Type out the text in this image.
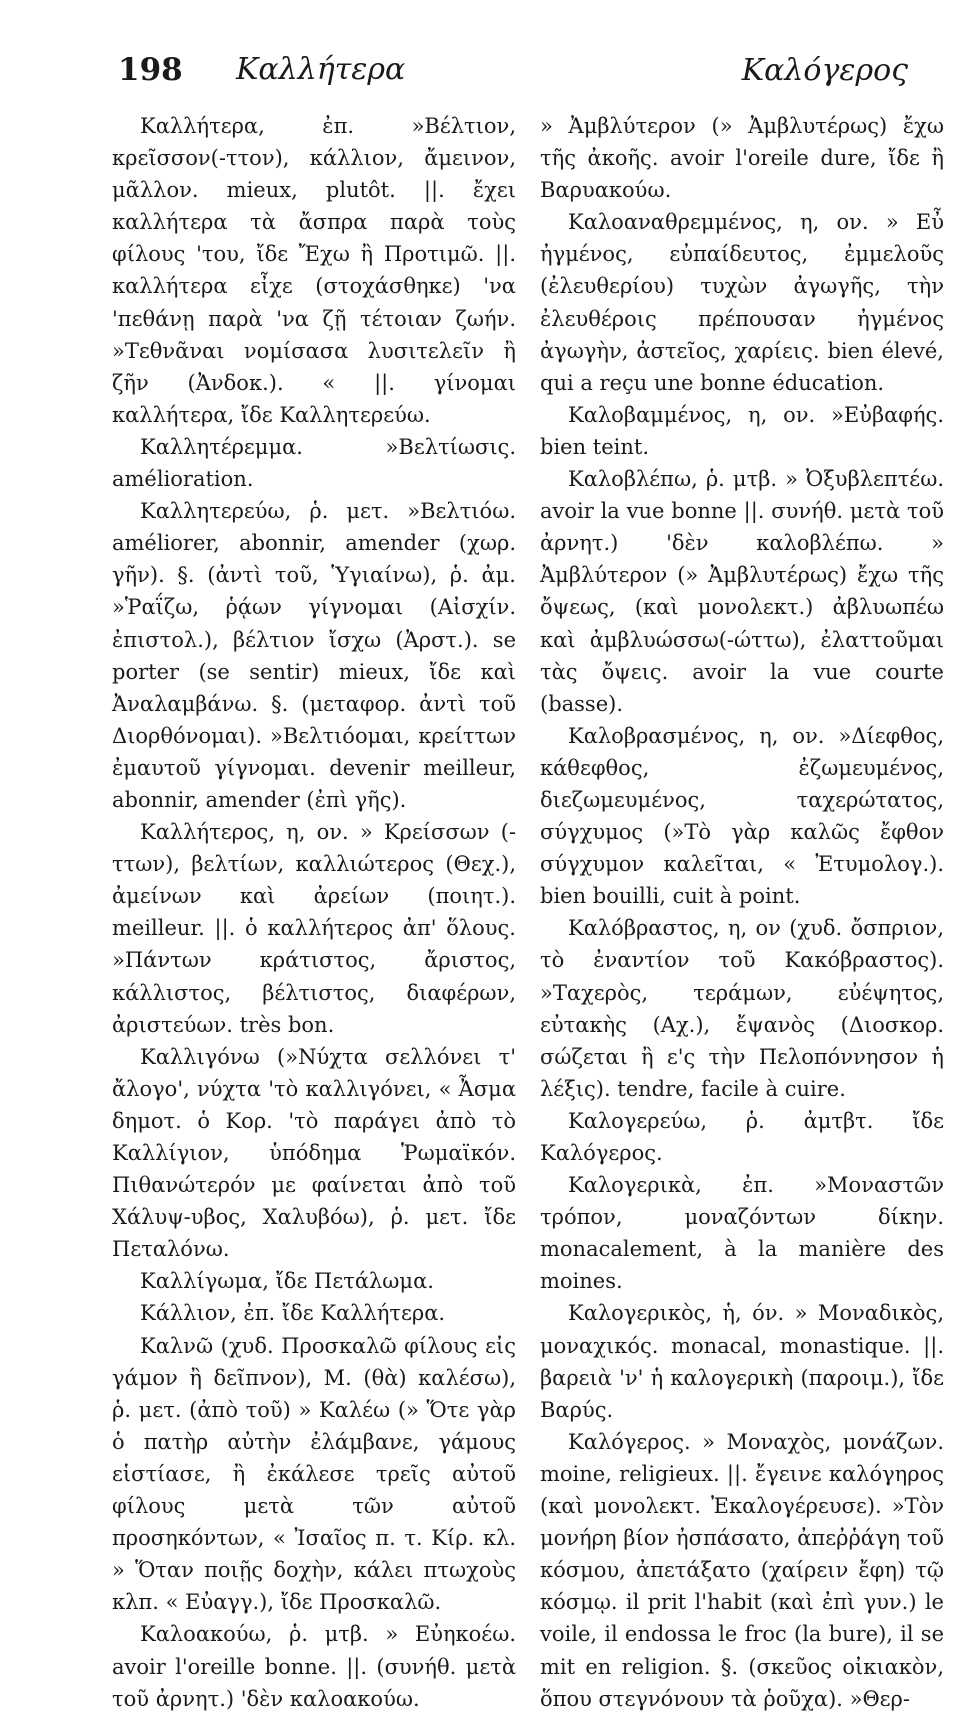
198 Καλλήτερα	Καλόγερος

Καλλήτερα, ἐπ. »Βέλτιον, κρεῖσσον(-ττον), κάλλιον, ἄμεινον, μᾶλλον. mieux, plutôt. ||. ἔχει καλλήτερα τὰ ἄσπρα παρὰ τοὺς φίλους 'του, ἴδε Ἔχω ἢ Προτιμῶ. ||. καλλήτερα εἶχε (στοχάσθηκε) 'να 'πεθάνῃ παρὰ 'να ζῇ τέτοιαν ζωήν. »Τεθνᾶναι νομίσασα λυσιτελεῖν ἢ ζῆν (Ἀνδοκ.). « ||. γίνομαι καλλήτερα, ἴδε Καλλητερεύω.

Καλλητέρεμμα. »Βελτίωσις. amélioration.

Καλλητερεύω, ῥ. μετ. »Βελτιόω. améliorer, abonnir, amender (χωρ. γῆν). §. (ἀντὶ τοῦ, Ὑγιαίνω), ῥ. ἀμ. »Ῥαΐζω, ῥᾴων γίγνομαι (Αἰσχίν. ἐπιστολ.), βέλτιον ἴσχω (Ἀρστ.). se porter (se sentir) mieux, ἴδε καὶ Ἀναλαμβάνω. §. (μεταφορ. ἀντὶ τοῦ Διορθόνομαι). »Βελτιόομαι, κρείττων ἐμαυτοῦ γίγνομαι. devenir meilleur, abonnir, amender (ἐπὶ γῆς).

Καλλήτερος, η, ον. » Κρείσσων (-ττων), βελτίων, καλλιώτερος (Θεχ.), ἀμείνων καὶ ἀρείων (ποιητ.). meilleur. ||. ὁ καλλήτερος ἀπ' ὅλους. »Πάντων κράτιστος, ἄριστος, κάλλιστος, βέλτιστος, διαφέρων, ἀριστεύων. très bon.

Καλλιγόνω (»Νύχτα σελλόνει τ' ἄλογο', νύχτα 'τὸ καλλιγόνει, « Ἆσμα δημοτ. ὁ Κορ. 'τὸ παράγει ἀπὸ τὸ Καλλίγιον, ὑπόδημα Ῥωμαϊκόν. Πιθανώτερόν με φαίνεται ἀπὸ τοῦ Χάλυψ-υβος, Χαλυβόω), ῥ. μετ. ἴδε Πεταλόνω.

Καλλίγωμα, ἴδε Πετάλωμα.

Κάλλιον, ἐπ. ἴδε Καλλήτερα.

Καλνῶ (χυδ. Προσκαλῶ φίλους εἰς γάμον ἢ δεῖπνον), Μ. (θὰ) καλέσω), ῥ. μετ. (ἀπὸ τοῦ) » Καλέω (» Ὅτε γὰρ ὁ πατὴρ αὐτὴν ἐλάμβανε, γάμους εἱστίασε, ἢ ἐκάλεσε τρεῖς αὐτοῦ φίλους μετὰ τῶν αὐτοῦ προσηκόντων, « Ἰσαῖος π. τ. Κίρ. κλ. » Ὅταν ποιῇς δοχὴν, κάλει πτωχοὺς κλπ. « Εὐαγγ.), ἴδε Προσκαλῶ.

Καλοακούω, ῥ. μτβ. » Εὐηκοέω. avoir l'oreille bonne. ||. (συνήθ. μετὰ τοῦ ἀρνητ.) 'δὲν καλοακούω.

» Ἀμβλύτερον (» Ἀμβλυτέρως) ἔχω τῆς ἀκοῆς. avoir l'oreile dure, ἴδε ἢ Βαρυακούω.

Καλοαναθρεμμένος, η, ον. » Εὖ ἠγμένος, εὐπαίδευτος, ἐμμελοῦς (ἐλευθερίου) τυχὼν ἀγωγῆς, τὴν ἐλευθέροις πρέπουσαν ἠγμένος ἀγωγὴν, ἀστεῖος, χαρίεις. bien élevé, qui a reçu une bonne éducation.

Καλοβαμμένος, η, ον. »Εὐβαφής. bien teint.

Καλοβλέπω, ῥ. μτβ. » Ὀξυβλεπτέω. avoir la vue bonne ||. συνήθ. μετὰ τοῦ ἀρνητ.) 'δὲν καλοβλέπω. » Ἀμβλύτερον (» Ἀμβλυτέρως) ἔχω τῆς ὄψεως, (καὶ μονολεκτ.) ἀβλυωπέω καὶ ἀμβλυώσσω(-ώττω), ἐλαττοῦμαι τὰς ὄψεις. avoir la vue courte (basse).

Καλοβρασμένος, η, ον. »Δίεφθος, κάθεφθος, ἐζωμευμένος, διεζωμευμένος, ταχερώτατος, σύγχυμος (»Τὸ γὰρ καλῶς ἔφθον σύγχυμον καλεῖται, « Ἐτυμολογ.). bien bouilli, cuit à point.

Καλόβραστος, η, ον (χυδ. ὄσπριον, τὸ ἐναντίον τοῦ Κακόβραστος). »Ταχερὸς, τεράμων, εὐέψητος, εὐτακὴς (Αχ.), ἔψανὸς (Διοσκορ. σώζεται ἢ ε'ς τὴν Πελοπόννησον ἡ λέξις). tendre, facile à cuire.

Καλογερεύω, ῥ. ἀμτβτ. ἴδε Καλόγερος.

Καλογερικὰ, ἐπ. »Μοναστῶν τρόπον, μοναζόντων δίκην. monacalement, à la manière des moines.

Καλογερικὸς, ἡ, όν. » Μοναδικὸς, μοναχικός. monacal, monastique. ||. βαρειὰ 'ν' ἡ καλογερικὴ (παροιμ.), ἴδε Βαρύς.

Καλόγερος. » Μοναχὸς, μονάζων. moine, religieux. ||. ἔγεινε καλόγηρος (καὶ μονολεκτ. Ἐκαλογέρευσε). »Τὸν μονήρη βίον ἠσπάσατο, ἀπεῤῥάγη τοῦ κόσμου, ἀπετάξατο (χαίρειν ἔφη) τῷ κόσμῳ. il prit l'habit (καὶ ἐπὶ γυν.) le voile, il endossa le froc (la bure), il se mit en religion. §. (σκεῦος οἰκιακὸν, ὅπου στεγνόνουν τὰ ῥοῦχα). »Θερ-
